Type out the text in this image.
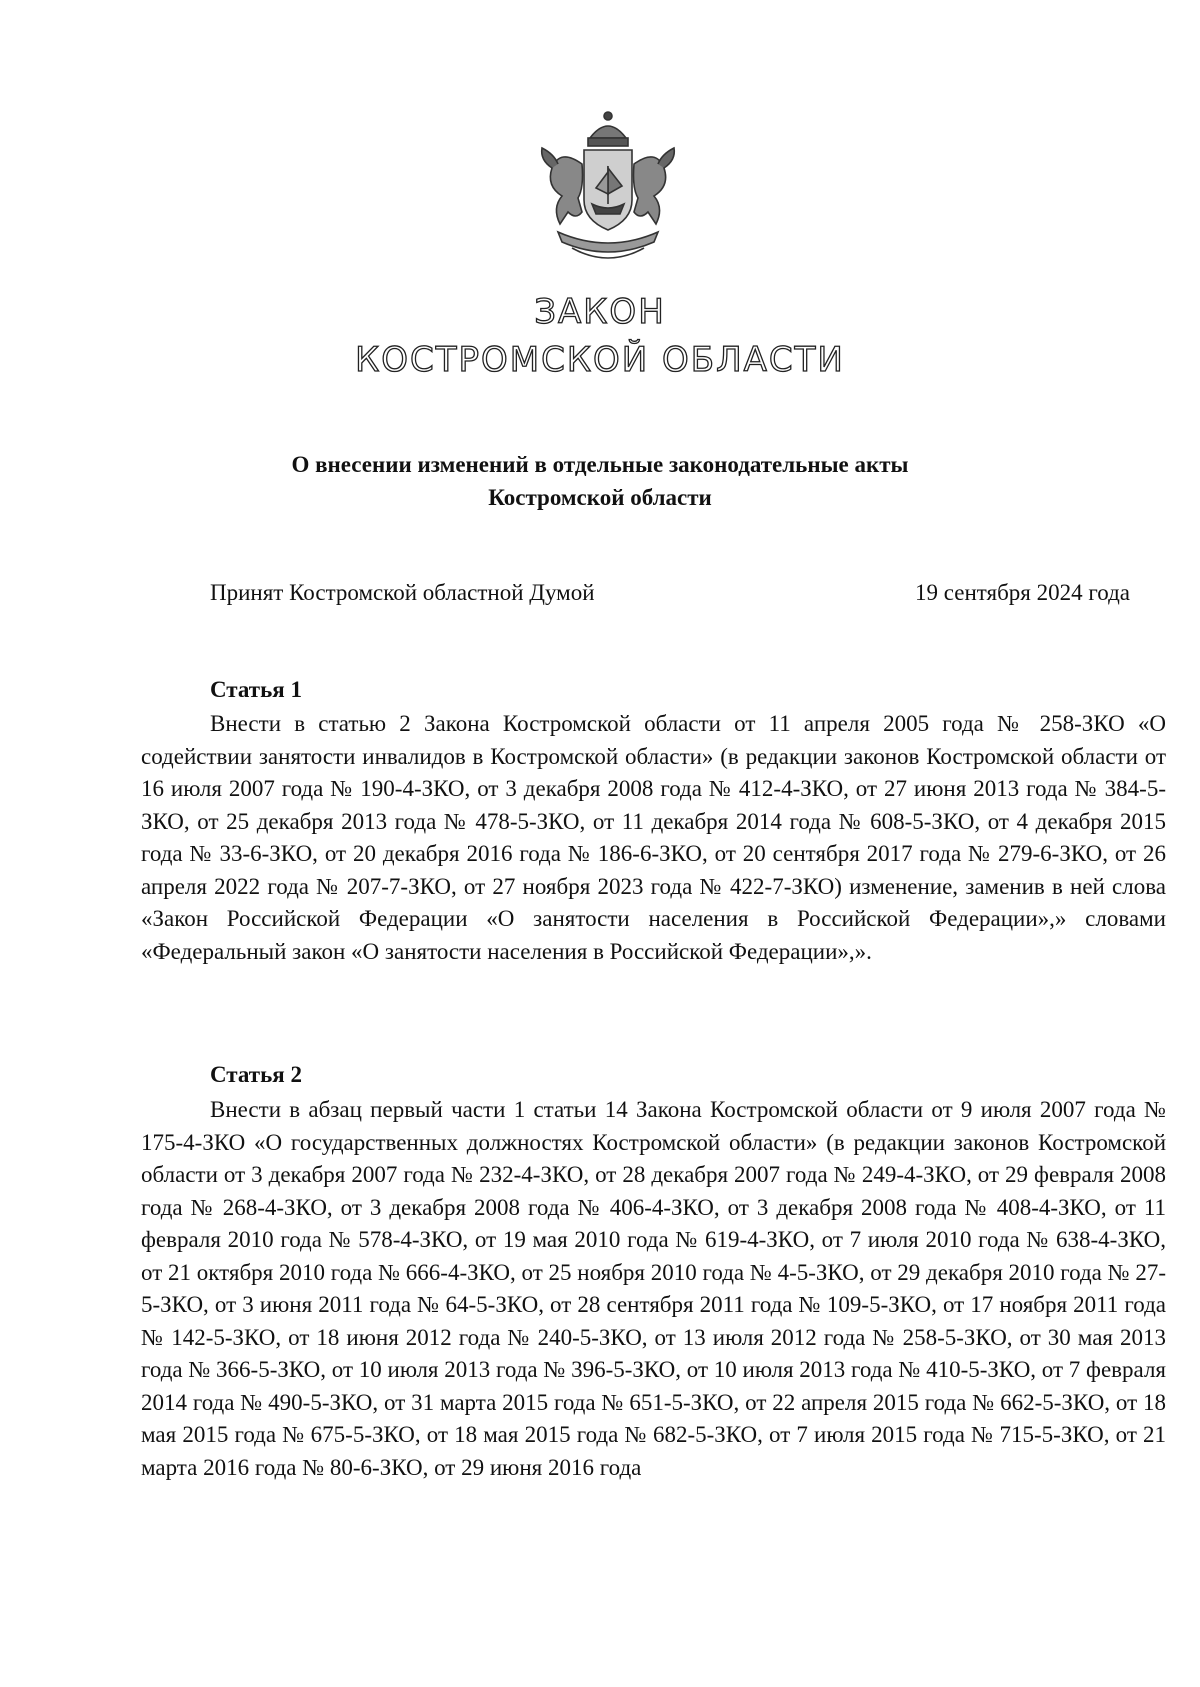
ЗАКОН
КОСТРОМСКОЙ ОБЛАСТИ
О внесении изменений в отдельные законодательные акты
Костромской области
Принят Костромской областной Думой	19 сентября 2024 года
Статья 1

Внести в статью 2 Закона Костромской области от 11 апреля 2005 года № 258-ЗКО «О содействии занятости инвалидов в Костромской области» (в редакции законов Костромской области от 16 июля 2007 года № 190-4-ЗКО, от 3 декабря 2008 года № 412-4-ЗКО, от 27 июня 2013 года № 384-5-ЗКО, от 25 декабря 2013 года № 478-5-ЗКО, от 11 декабря 2014 года № 608-5-ЗКО, от 4 декабря 2015 года № 33-6-ЗКО, от 20 декабря 2016 года № 186-6-ЗКО, от 20 сентября 2017 года № 279-6-ЗКО, от 26 апреля 2022 года № 207-7-ЗКО, от 27 ноября 2023 года № 422-7-ЗКО) изменение, заменив в ней слова «Закон Российской Федерации «О занятости населения в Российской Федерации»,» словами «Федеральный закон «О занятости населения в Российской Федерации»,».

Статья 2

Внести в абзац первый части 1 статьи 14 Закона Костромской области от 9 июля 2007 года № 175-4-ЗКО «О государственных должностях Костромской области» (в редакции законов Костромской области от 3 декабря 2007 года № 232-4-ЗКО, от 28 декабря 2007 года № 249-4-ЗКО, от 29 февраля 2008 года № 268-4-ЗКО, от 3 декабря 2008 года № 406-4-ЗКО, от 3 декабря 2008 года № 408-4-ЗКО, от 11 февраля 2010 года № 578-4-ЗКО, от 19 мая 2010 года № 619-4-ЗКО, от 7 июля 2010 года № 638-4-ЗКО, от 21 октября 2010 года № 666-4-ЗКО, от 25 ноября 2010 года № 4-5-ЗКО, от 29 декабря 2010 года № 27-5-ЗКО, от 3 июня 2011 года № 64-5-ЗКО, от 28 сентября 2011 года № 109-5-ЗКО, от 17 ноября 2011 года № 142-5-ЗКО, от 18 июня 2012 года № 240-5-ЗКО, от 13 июля 2012 года № 258-5-ЗКО, от 30 мая 2013 года № 366-5-ЗКО, от 10 июля 2013 года № 396-5-ЗКО, от 10 июля 2013 года № 410-5-ЗКО, от 7 февраля 2014 года № 490-5-ЗКО, от 31 марта 2015 года № 651-5-ЗКО, от 22 апреля 2015 года № 662-5-ЗКО, от 18 мая 2015 года № 675-5-ЗКО, от 18 мая 2015 года № 682-5-ЗКО, от 7 июля 2015 года № 715-5-ЗКО, от 21 марта 2016 года № 80-6-ЗКО, от 29 июня 2016 года
